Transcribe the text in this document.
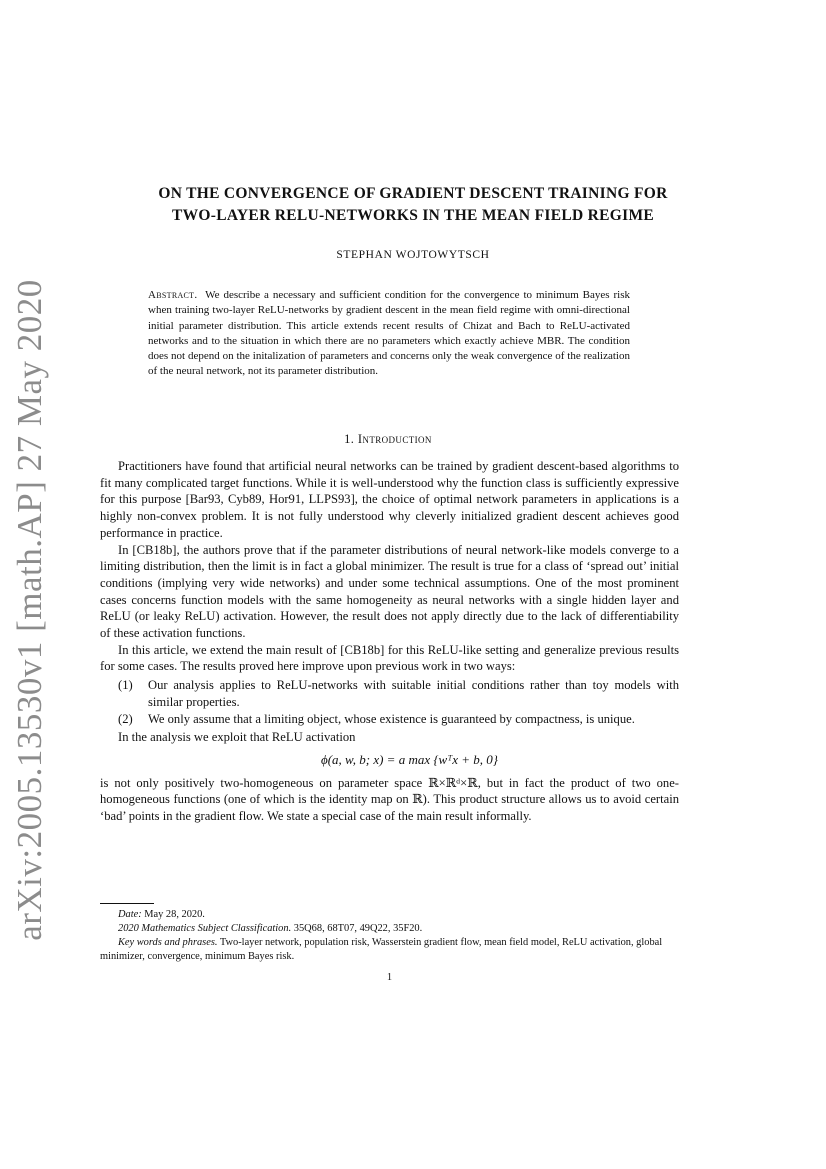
arXiv:2005.13530v1 [math.AP] 27 May 2020
ON THE CONVERGENCE OF GRADIENT DESCENT TRAINING FOR
TWO-LAYER RELU-NETWORKS IN THE MEAN FIELD REGIME
STEPHAN WOJTOWYTSCH
Abstract. We describe a necessary and sufficient condition for the convergence to minimum Bayes risk when training two-layer ReLU-networks by gradient descent in the mean field regime with omni-directional initial parameter distribution. This article extends recent results of Chizat and Bach to ReLU-activated networks and to the situation in which there are no parameters which exactly achieve MBR. The condition does not depend on the initalization of parameters and concerns only the weak convergence of the realization of the neural network, not its parameter distribution.
1. Introduction

Practitioners have found that artificial neural networks can be trained by gradient descent-based algorithms to fit many complicated target functions. While it is well-understood why the function class is sufficiently expressive for this purpose [Bar93, Cyb89, Hor91, LLPS93], the choice of optimal network parameters in applications is a highly non-convex problem. It is not fully understood why cleverly initialized gradient descent achieves good performance in practice.

In [CB18b], the authors prove that if the parameter distributions of neural network-like models converge to a limiting distribution, then the limit is in fact a global minimizer. The result is true for a class of ‘spread out’ initial conditions (implying very wide networks) and under some technical assumptions. One of the most prominent cases concerns function models with the same homogeneity as neural networks with a single hidden layer and ReLU (or leaky ReLU) activation. However, the result does not apply directly due to the lack of differentiability of these activation functions.

In this article, we extend the main result of [CB18b] for this ReLU-like setting and generalize previous results for some cases. The results proved here improve upon previous work in two ways:

(1) Our analysis applies to ReLU-networks with suitable initial conditions rather than toy models with similar properties.
(2) We only assume that a limiting object, whose existence is guaranteed by compactness, is unique.

In the analysis we exploit that ReLU activation

ϕ(a, w, b; x) = a max {wᵀx + b, 0}

is not only positively two-homogeneous on parameter space ℝ×ℝᵈ×ℝ, but in fact the product of two one-homogeneous functions (one of which is the identity map on ℝ). This product structure allows us to avoid certain ‘bad’ points in the gradient flow. We state a special case of the main result informally.

Date: May 28, 2020.

2020 Mathematics Subject Classification. 35Q68, 68T07, 49Q22, 35F20.

Key words and phrases. Two-layer network, population risk, Wasserstein gradient flow, mean field model, ReLU activation, global minimizer, convergence, minimum Bayes risk.

1
